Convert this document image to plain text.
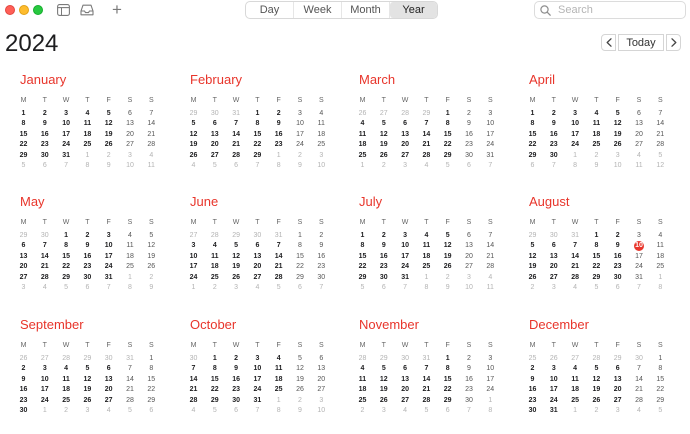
+	Day	Week	Month	Year
Search
2024	Today
January
M	T	W	T	F	S	S
1	2	3	4	5	6	7
8	9	10 11 12 13 14
15 16 17 18 19 20 21
22 23 24 25 26 27 28
29 30 31	1	2	3	4
5	6	7	8	9	10 11
February
M	T	W	T	F	S	S
29 30 31	1	2	3	4
5	6	7	8	9	10 11
12 13 14 15 16 17 18
19 20 21 22 23 24 25
26 27 28 29	1	2	3
4	5	6	7	8	9	10
March
M	T	W	T	F	S	S
26 27 28 29	1	2	3
4	5	6	7	8	9	10
11 12 13 14 15 16 17
18 19 20 21 22 23 24
25 26 27 28 29 30 31
1	2	3	4	5	6	7
April
M	T	W	T	F	S	S
1	2	3	4	5	6	7
8	9	10 11 12 13 14
15 16 17 18 19 20 21
22 23 24 25 26 27 28
29 30	1	2	3	4	5
6	7	8	9	10 11 12
May
M	T	W	T	F	S	S
29 30	1	2	3	4	5
6	7	8	9	10 11 12
13 14 15 16 17 18 19
20 21 22 23 24 25 26
27 28 29 30 31	1	2
3	4	5	6	7	8	9
June
M	T	W	T	F	S	S
27 28 29 30 31	1	2
3	4	5	6	7	8	9
10 11 12 13 14 15 16
17 18 19 20 21 22 23
24 25 26 27 28 29 30
1	2	3	4	5	6	7
July
M	T	W	T	F	S	S
1	2	3	4	5	6	7
8	9	10 11 12 13 14
15 16 17 18 19 20 21
22 23 24 25 26 27 28
29 30 31	1	2	3	4
5	6	7	8	9	10 11
August
M	T	W	T	F	S	S
29 30 31	1	2	3	4
5	6	7	8	9	10 11
12 13 14 15 16 17 18
19 20 21 22 23 24 25
26 27 28 29 30 31	1
2	3	4	5	6	7	8
September
M	T	W	T	F	S	S
26 27 28 29 30 31	1
2	3	4	5	6	7	8
9	10 11 12 13 14 15
16 17 18 19 20 21 22
23 24 25 26 27 28 29
30	1	2	3	4	5	6
October
M	T	W	T	F	S	S
30	1	2	3	4	5	6
7	8	9	10 11 12 13
14 15 16 17 18 19 20
21 22 23 24 25 26 27
28 29 30 31	1	2	3
4	5	6	7	8	9	10
November
M	T	W	T	F	S	S
28 29 30 31	1	2	3
4	5	6	7	8	9	10
11 12 13 14 15 16 17
18 19 20 21 22 23 24
25 26 27 28 29 30	1
2	3	4	5	6	7	8
December
M	T	W	T	F	S	S
25 26 27 28 29 30	1
2	3	4	5	6	7	8
9	10 11 12 13 14 15
16 17 18 19 20 21 22
23 24 25 26 27 28 29
30 31	1	2	3	4	5
